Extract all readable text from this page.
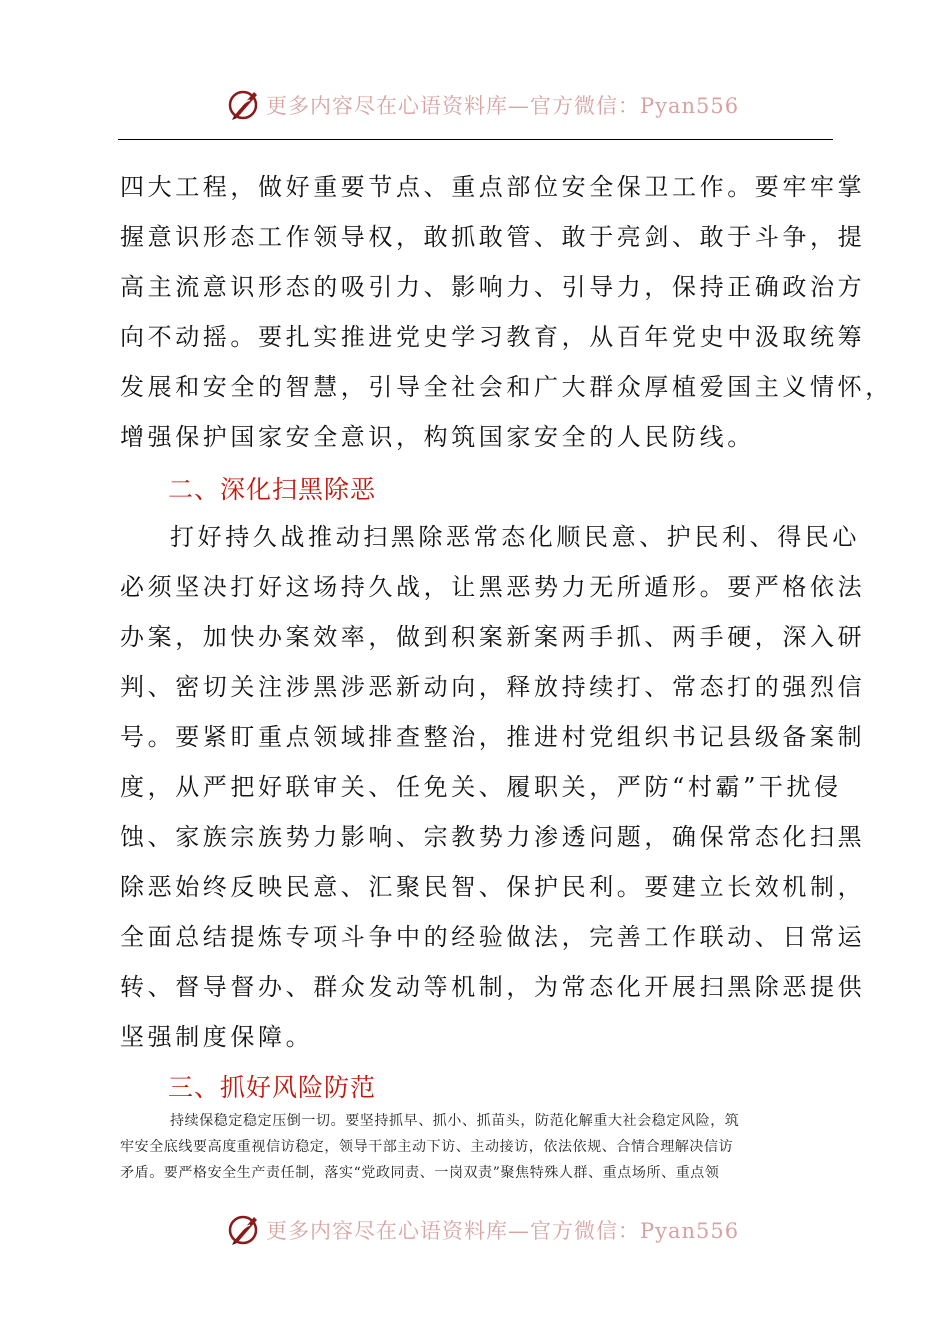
更多内容尽在心语资料库—官方微信：Pyan556
四大工程，做好重要节点、重点部位安全保卫工作。要牢牢掌
握意识形态工作领导权，敢抓敢管、敢于亮剑、敢于斗争，提
高主流意识形态的吸引力、影响力、引导力，保持正确政治方
向不动摇。要扎实推进党史学习教育，从百年党史中汲取统筹
发展和安全的智慧，引导全社会和广大群众厚植爱国主义情怀，
增强保护国家安全意识，构筑国家安全的人民防线。
二、深化扫黑除恶
打好持久战推动扫黑除恶常态化顺民意、护民利、得民心
必须坚决打好这场持久战，让黑恶势力无所遁形。要严格依法
办案，加快办案效率，做到积案新案两手抓、两手硬，深入研
判、密切关注涉黑涉恶新动向，释放持续打、常态打的强烈信
号。要紧盯重点领域排查整治，推进村党组织书记县级备案制
度，从严把好联审关、任免关、履职关，严防“村霸”干扰侵
蚀、家族宗族势力影响、宗教势力渗透问题，确保常态化扫黑
除恶始终反映民意、汇聚民智、保护民利。要建立长效机制，
全面总结提炼专项斗争中的经验做法，完善工作联动、日常运
转、督导督办、群众发动等机制，为常态化开展扫黑除恶提供
坚强制度保障。
三、抓好风险防范
持续保稳定稳定压倒一切。要坚持抓早、抓小、抓苗头，防范化解重大社会稳定风险，筑
牢安全底线要高度重视信访稳定，领导干部主动下访、主动接访，依法依规、合情合理解决信访
矛盾。要严格安全生产责任制，落实“党政同责、一岗双责”聚焦特殊人群、重点场所、重点领
更多内容尽在心语资料库—官方微信：Pyan556
